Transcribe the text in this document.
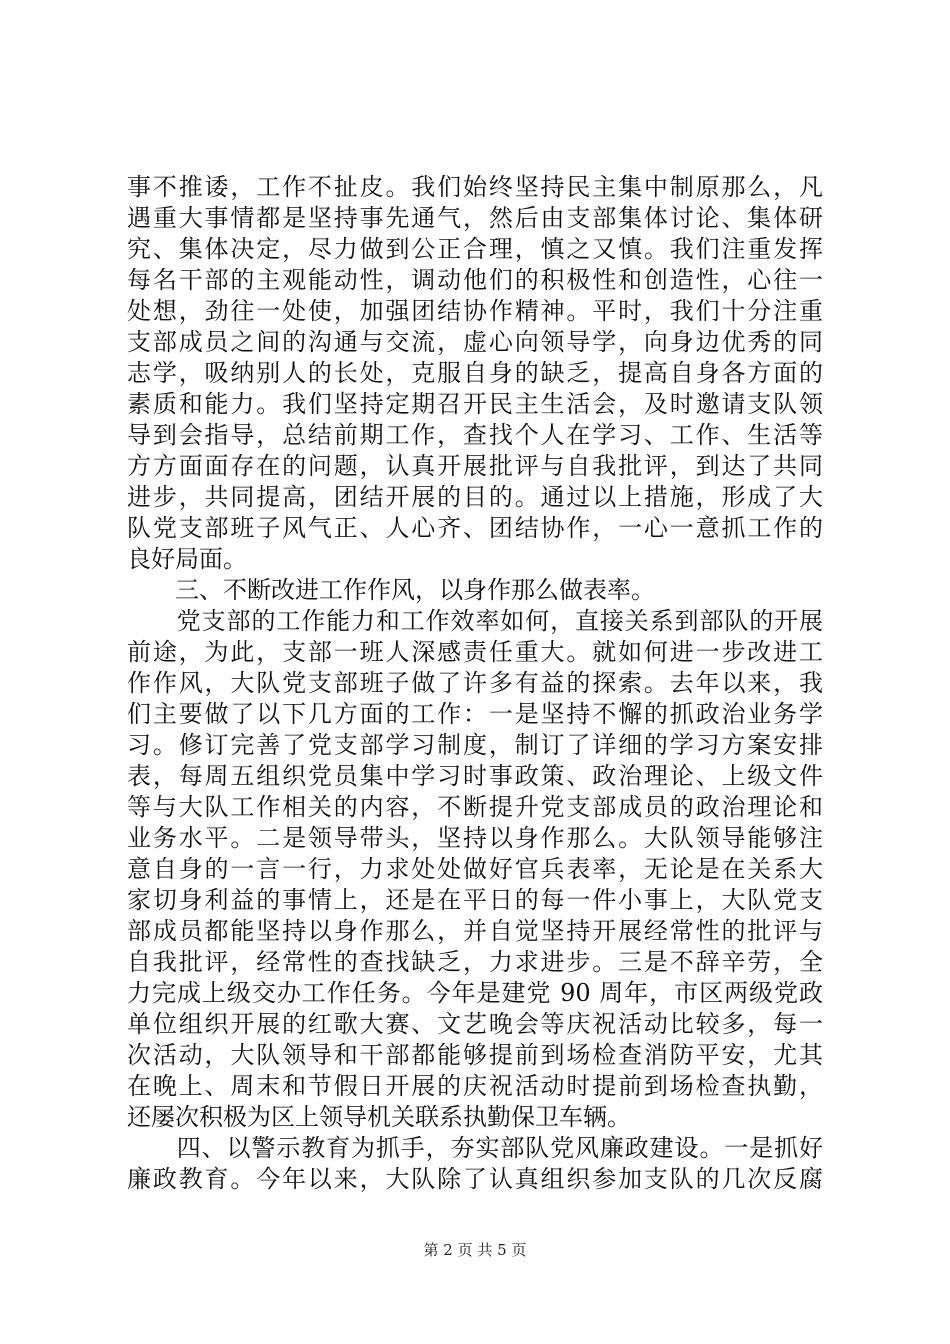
事不推诿，工作不扯皮。我们始终坚持民主集中制原那么，凡
遇重大事情都是坚持事先通气，然后由支部集体讨论、集体研
究、集体决定，尽力做到公正合理，慎之又慎。我们注重发挥
每名干部的主观能动性，调动他们的积极性和创造性，心往一
处想，劲往一处使，加强团结协作精神。平时，我们十分注重
支部成员之间的沟通与交流，虚心向领导学，向身边优秀的同
志学，吸纳别人的长处，克服自身的缺乏，提高自身各方面的
素质和能力。我们坚持定期召开民主生活会，及时邀请支队领
导到会指导，总结前期工作，查找个人在学习、工作、生活等
方方面面存在的问题，认真开展批评与自我批评，到达了共同
进步，共同提高，团结开展的目的。通过以上措施，形成了大
队党支部班子风气正、人心齐、团结协作，一心一意抓工作的
良好局面。
　　三、不断改进工作作风，以身作那么做表率。
　　党支部的工作能力和工作效率如何，直接关系到部队的开展
前途，为此，支部一班人深感责任重大。就如何进一步改进工
作作风，大队党支部班子做了许多有益的探索。去年以来，我
们主要做了以下几方面的工作：一是坚持不懈的抓政治业务学
习。修订完善了党支部学习制度，制订了详细的学习方案安排
表，每周五组织党员集中学习时事政策、政治理论、上级文件
等与大队工作相关的内容，不断提升党支部成员的政治理论和
业务水平。二是领导带头，坚持以身作那么。大队领导能够注
意自身的一言一行，力求处处做好官兵表率，无论是在关系大
家切身利益的事情上，还是在平日的每一件小事上，大队党支
部成员都能坚持以身作那么，并自觉坚持开展经常性的批评与
自我批评，经常性的查找缺乏，力求进步。三是不辞辛劳，全
力完成上级交办工作任务。今年是建党 90 周年，市区两级党政
单位组织开展的红歌大赛、文艺晚会等庆祝活动比较多，每一
次活动，大队领导和干部都能够提前到场检查消防平安，尤其
在晚上、周末和节假日开展的庆祝活动时提前到场检查执勤，
还屡次积极为区上领导机关联系执勤保卫车辆。
　　四、以警示教育为抓手，夯实部队党风廉政建设。一是抓好
廉政教育。今年以来，大队除了认真组织参加支队的几次反腐
第 2 页 共 5 页
